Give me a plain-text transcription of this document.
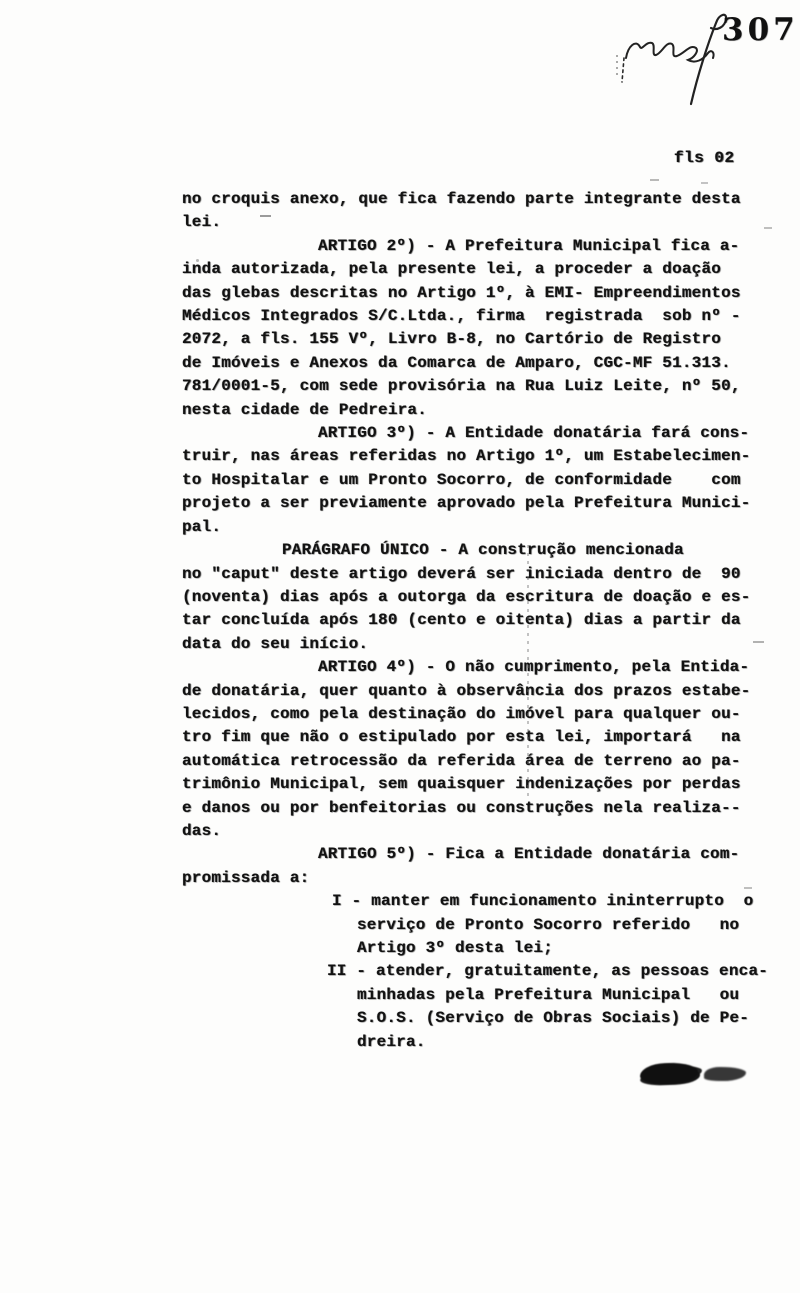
307
fls 02
no croquis anexo, que fica fazendo parte integrante desta
lei.
ARTIGO 2º) - A Prefeitura Municipal fica a-
inda autorizada, pela presente lei, a proceder a doação
das glebas descritas no Artigo 1º, à EMI- Empreendimentos
Médicos Integrados S/C.Ltda., firma  registrada  sob nº -
2072, a fls. 155 Vº, Livro B-8, no Cartório de Registro
de Imóveis e Anexos da Comarca de Amparo, CGC-MF 51.313.
781/0001-5, com sede provisória na Rua Luiz Leite, nº 50,
nesta cidade de Pedreira.
ARTIGO 3º) - A Entidade donatária fará cons-
truir, nas áreas referidas no Artigo 1º, um Estabelecimen-
to Hospitalar e um Pronto Socorro, de conformidade    com
projeto a ser previamente aprovado pela Prefeitura Munici-
pal.
PARÁGRAFO ÚNICO - A construção mencionada
no "caput" deste artigo deverá ser iniciada dentro de  90
(noventa) dias após a outorga da escritura de doação e es-
tar concluída após 180 (cento e oitenta) dias a partir da
data do seu início.
ARTIGO 4º) - O não cumprimento, pela Entida-
de donatária, quer quanto à observância dos prazos estabe-
lecidos, como pela destinação do imóvel para qualquer ou-
tro fim que não o estipulado por esta lei, importará   na
automática retrocessão da referida área de terreno ao pa-
trimônio Municipal, sem quaisquer indenizações por perdas
e danos ou por benfeitorias ou construções nela realiza--
das.
ARTIGO 5º) - Fica a Entidade donatária com-
promissada a:
I - manter em funcionamento ininterrupto  o
serviço de Pronto Socorro referido   no
Artigo 3º desta lei;
II - atender, gratuitamente, as pessoas enca-
minhadas pela Prefeitura Municipal   ou
S.O.S. (Serviço de Obras Sociais) de Pe-
dreira.
